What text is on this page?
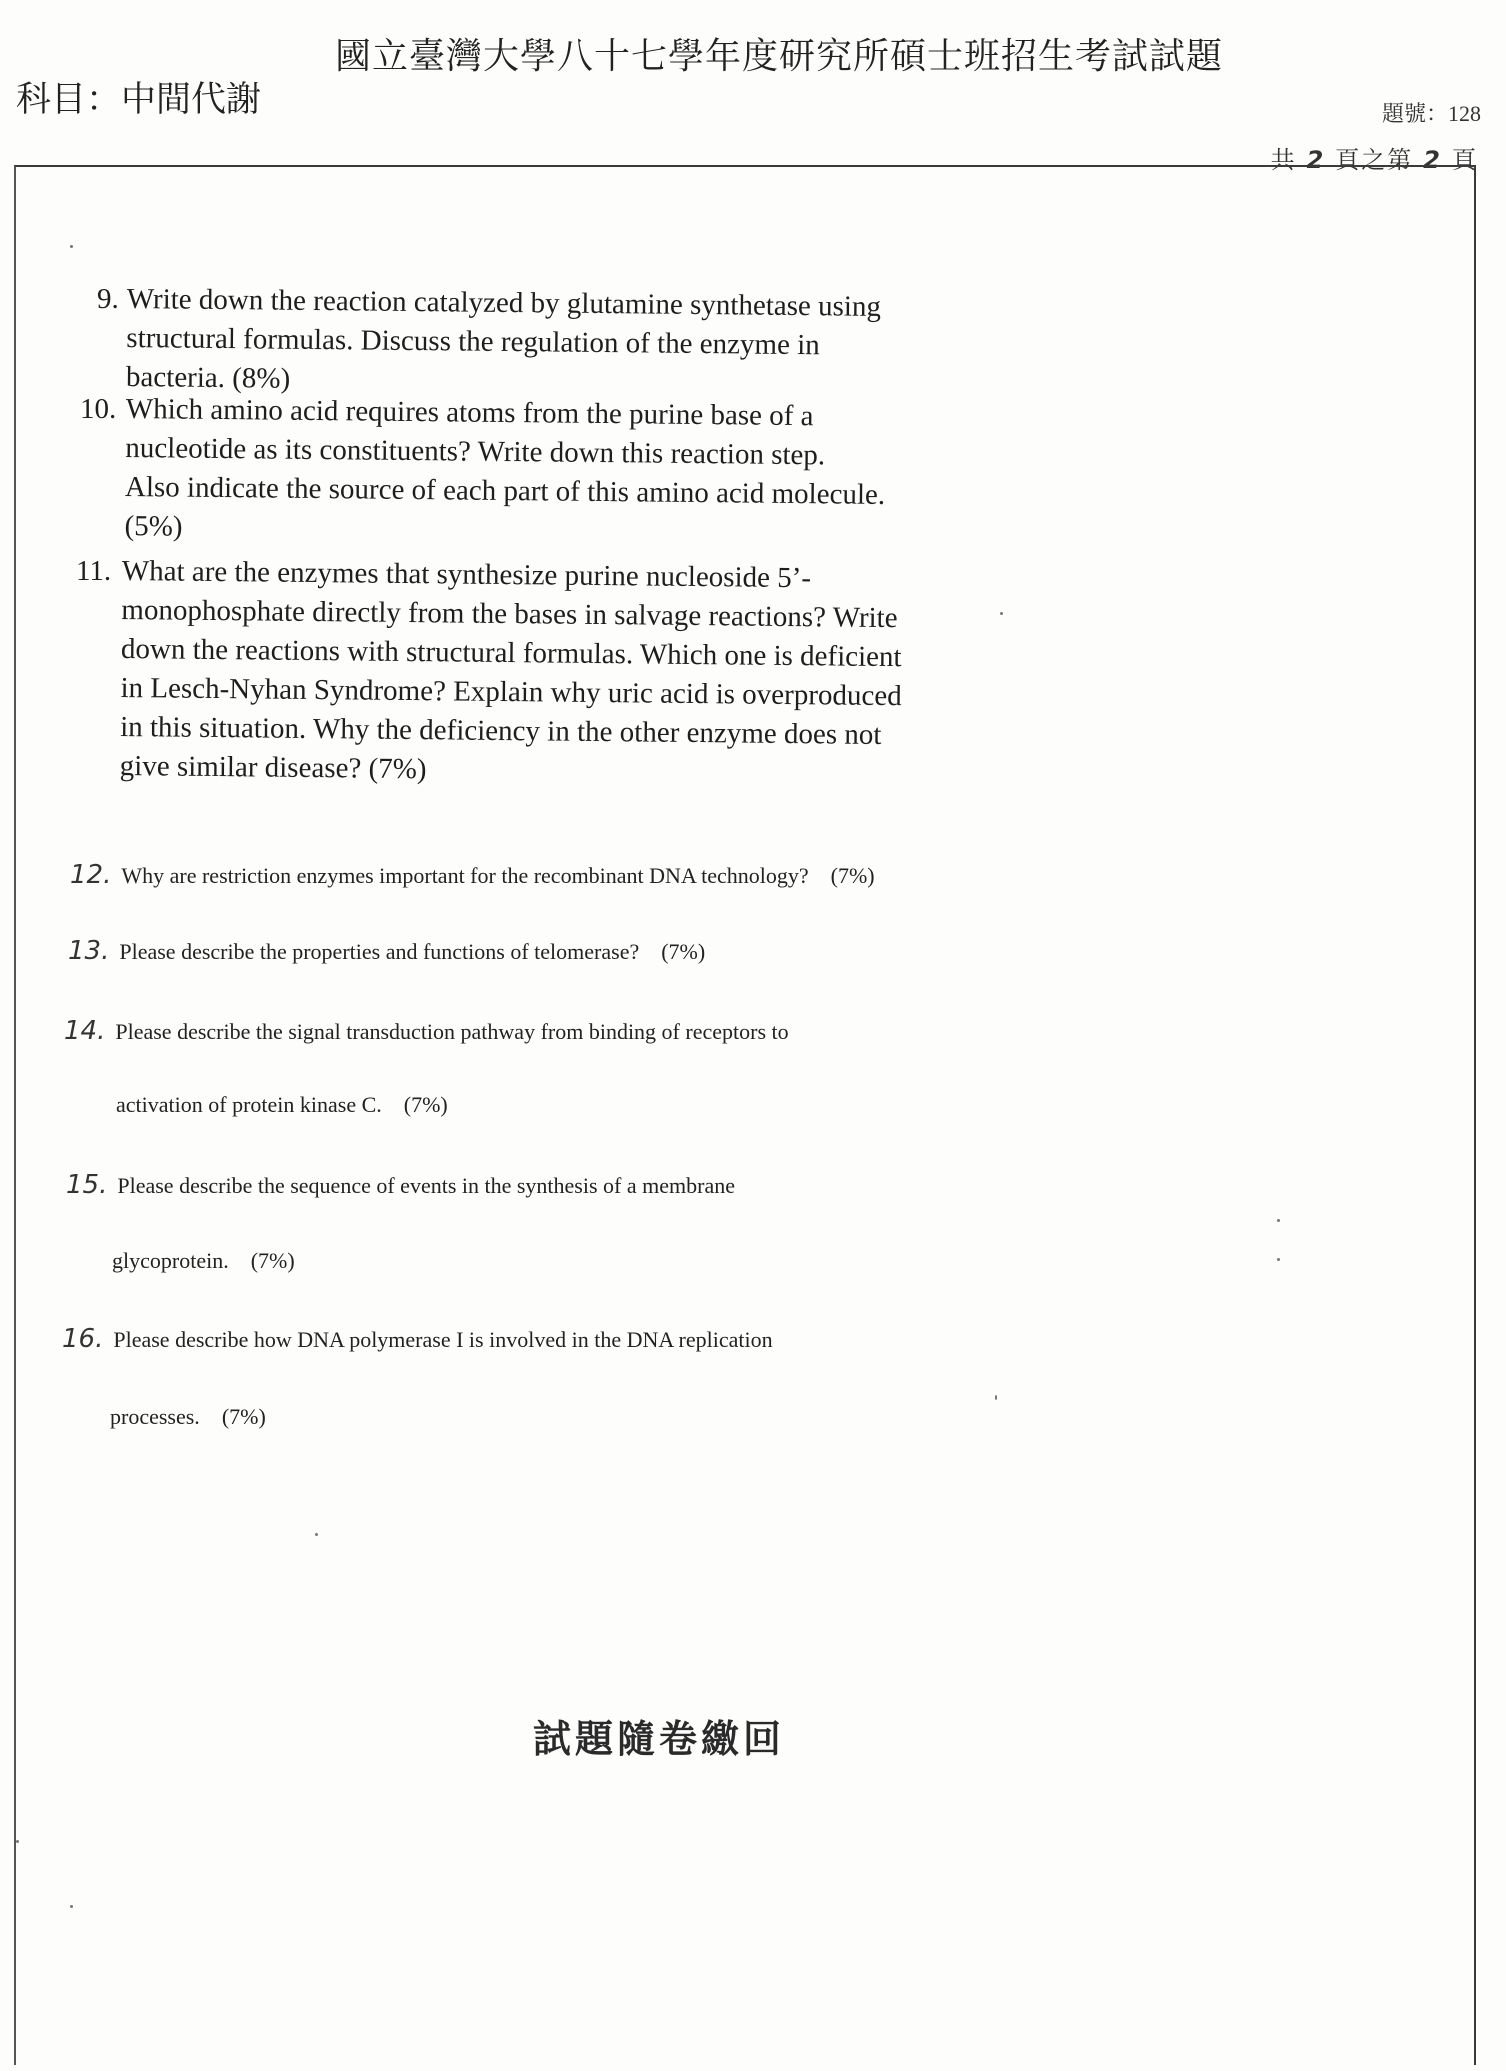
國立臺灣大學八十七學年度研究所碩士班招生考試試題
科目：中間代謝	題號：128
共 2 頁之第 2 頁
9. Write down the reaction catalyzed by glutamine synthetase using
structural formulas. Discuss the regulation of the enzyme in
bacteria. (8%)
10. Which amino acid requires atoms from the purine base of a
nucleotide as its constituents? Write down this reaction step.
Also indicate the source of each part of this amino acid molecule.
(5%)
11. What are the enzymes that synthesize purine nucleoside 5’-
monophosphate directly from the bases in salvage reactions? Write
down the reactions with structural formulas. Which one is deficient
in Lesch-Nyhan Syndrome? Explain why uric acid is overproduced
in this situation. Why the deficiency in the other enzyme does not
give similar disease? (7%)
12. Why are restriction enzymes important for the recombinant DNA technology? (7%)
13. Please describe the properties and functions of telomerase? (7%)
14. Please describe the signal transduction pathway from binding of receptors to
activation of protein kinase C. (7%)
15. Please describe the sequence of events in the synthesis of a membrane
glycoprotein. (7%)
16. Please describe how DNA polymerase I is involved in the DNA replication
processes. (7%)
試題隨卷繳回
